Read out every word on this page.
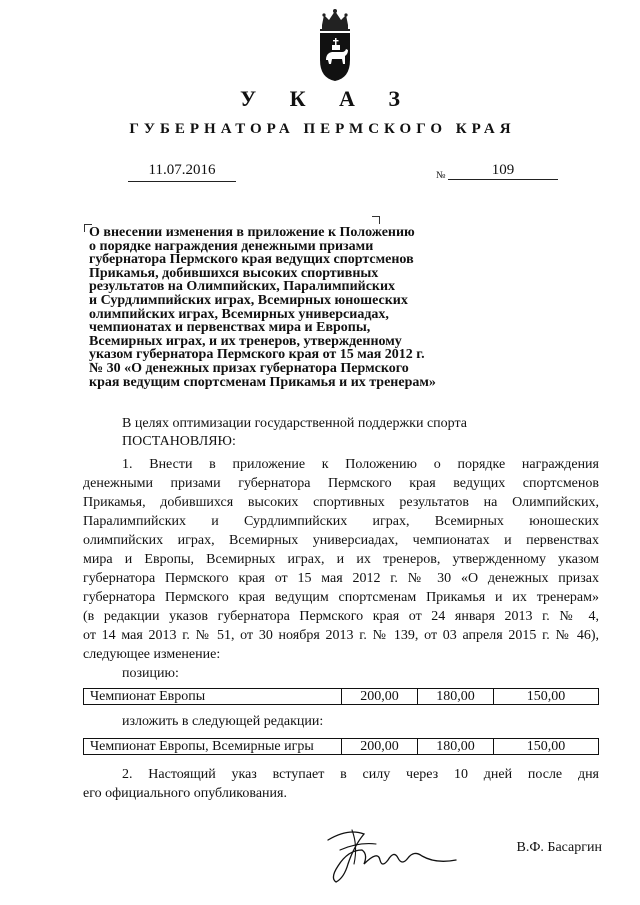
У К А З
ГУБЕРНАТОРА ПЕРМСКОГО КРАЯ
11.07.2016	№	109
О внесении изменения в приложение к Положению
о порядке награждения денежными призами
губернатора Пермского края ведущих спортсменов
Прикамья, добившихся высоких спортивных
результатов на Олимпийских, Паралимпийских
и Сурдлимпийских играх, Всемирных юношеских
олимпийских играх, Всемирных универсиадах,
чемпионатах и первенствах мира и Европы,
Всемирных играх, и их тренеров, утвержденному
указом губернатора Пермского края от 15 мая 2012 г.
№ 30 «О денежных призах губернатора Пермского
края ведущим спортсменам Прикамья и их тренерам»
В целях оптимизации государственной поддержки спорта
ПОСТАНОВЛЯЮ:
1. Внести в приложение к Положению о порядке награждения
денежными призами губернатора Пермского края ведущих спортсменов
Прикамья, добившихся высоких спортивных результатов на Олимпийских,
Паралимпийских и Сурдлимпийских играх, Всемирных юношеских
олимпийских играх, Всемирных универсиадах, чемпионатах и первенствах
мира и Европы, Всемирных играх, и их тренеров, утвержденному указом
губернатора Пермского края от 15 мая 2012 г. № 30 «О денежных призах
губернатора Пермского края ведущим спортсменам Прикамья и их тренерам»
(в редакции указов губернатора Пермского края от 24 января 2013 г. № 4,
от 14 мая 2013 г. № 51, от 30 ноября 2013 г. № 139, от 03 апреля 2015 г. № 46),
следующее изменение:
позицию:
Чемпионат Европы	200,00	180,00	150,00
изложить в следующей редакции:
Чемпионат Европы, Всемирные игры	200,00	180,00	150,00
2. Настоящий указ вступает в силу через 10 дней после дня
его официального опубликования.
В.Ф. Басаргин
